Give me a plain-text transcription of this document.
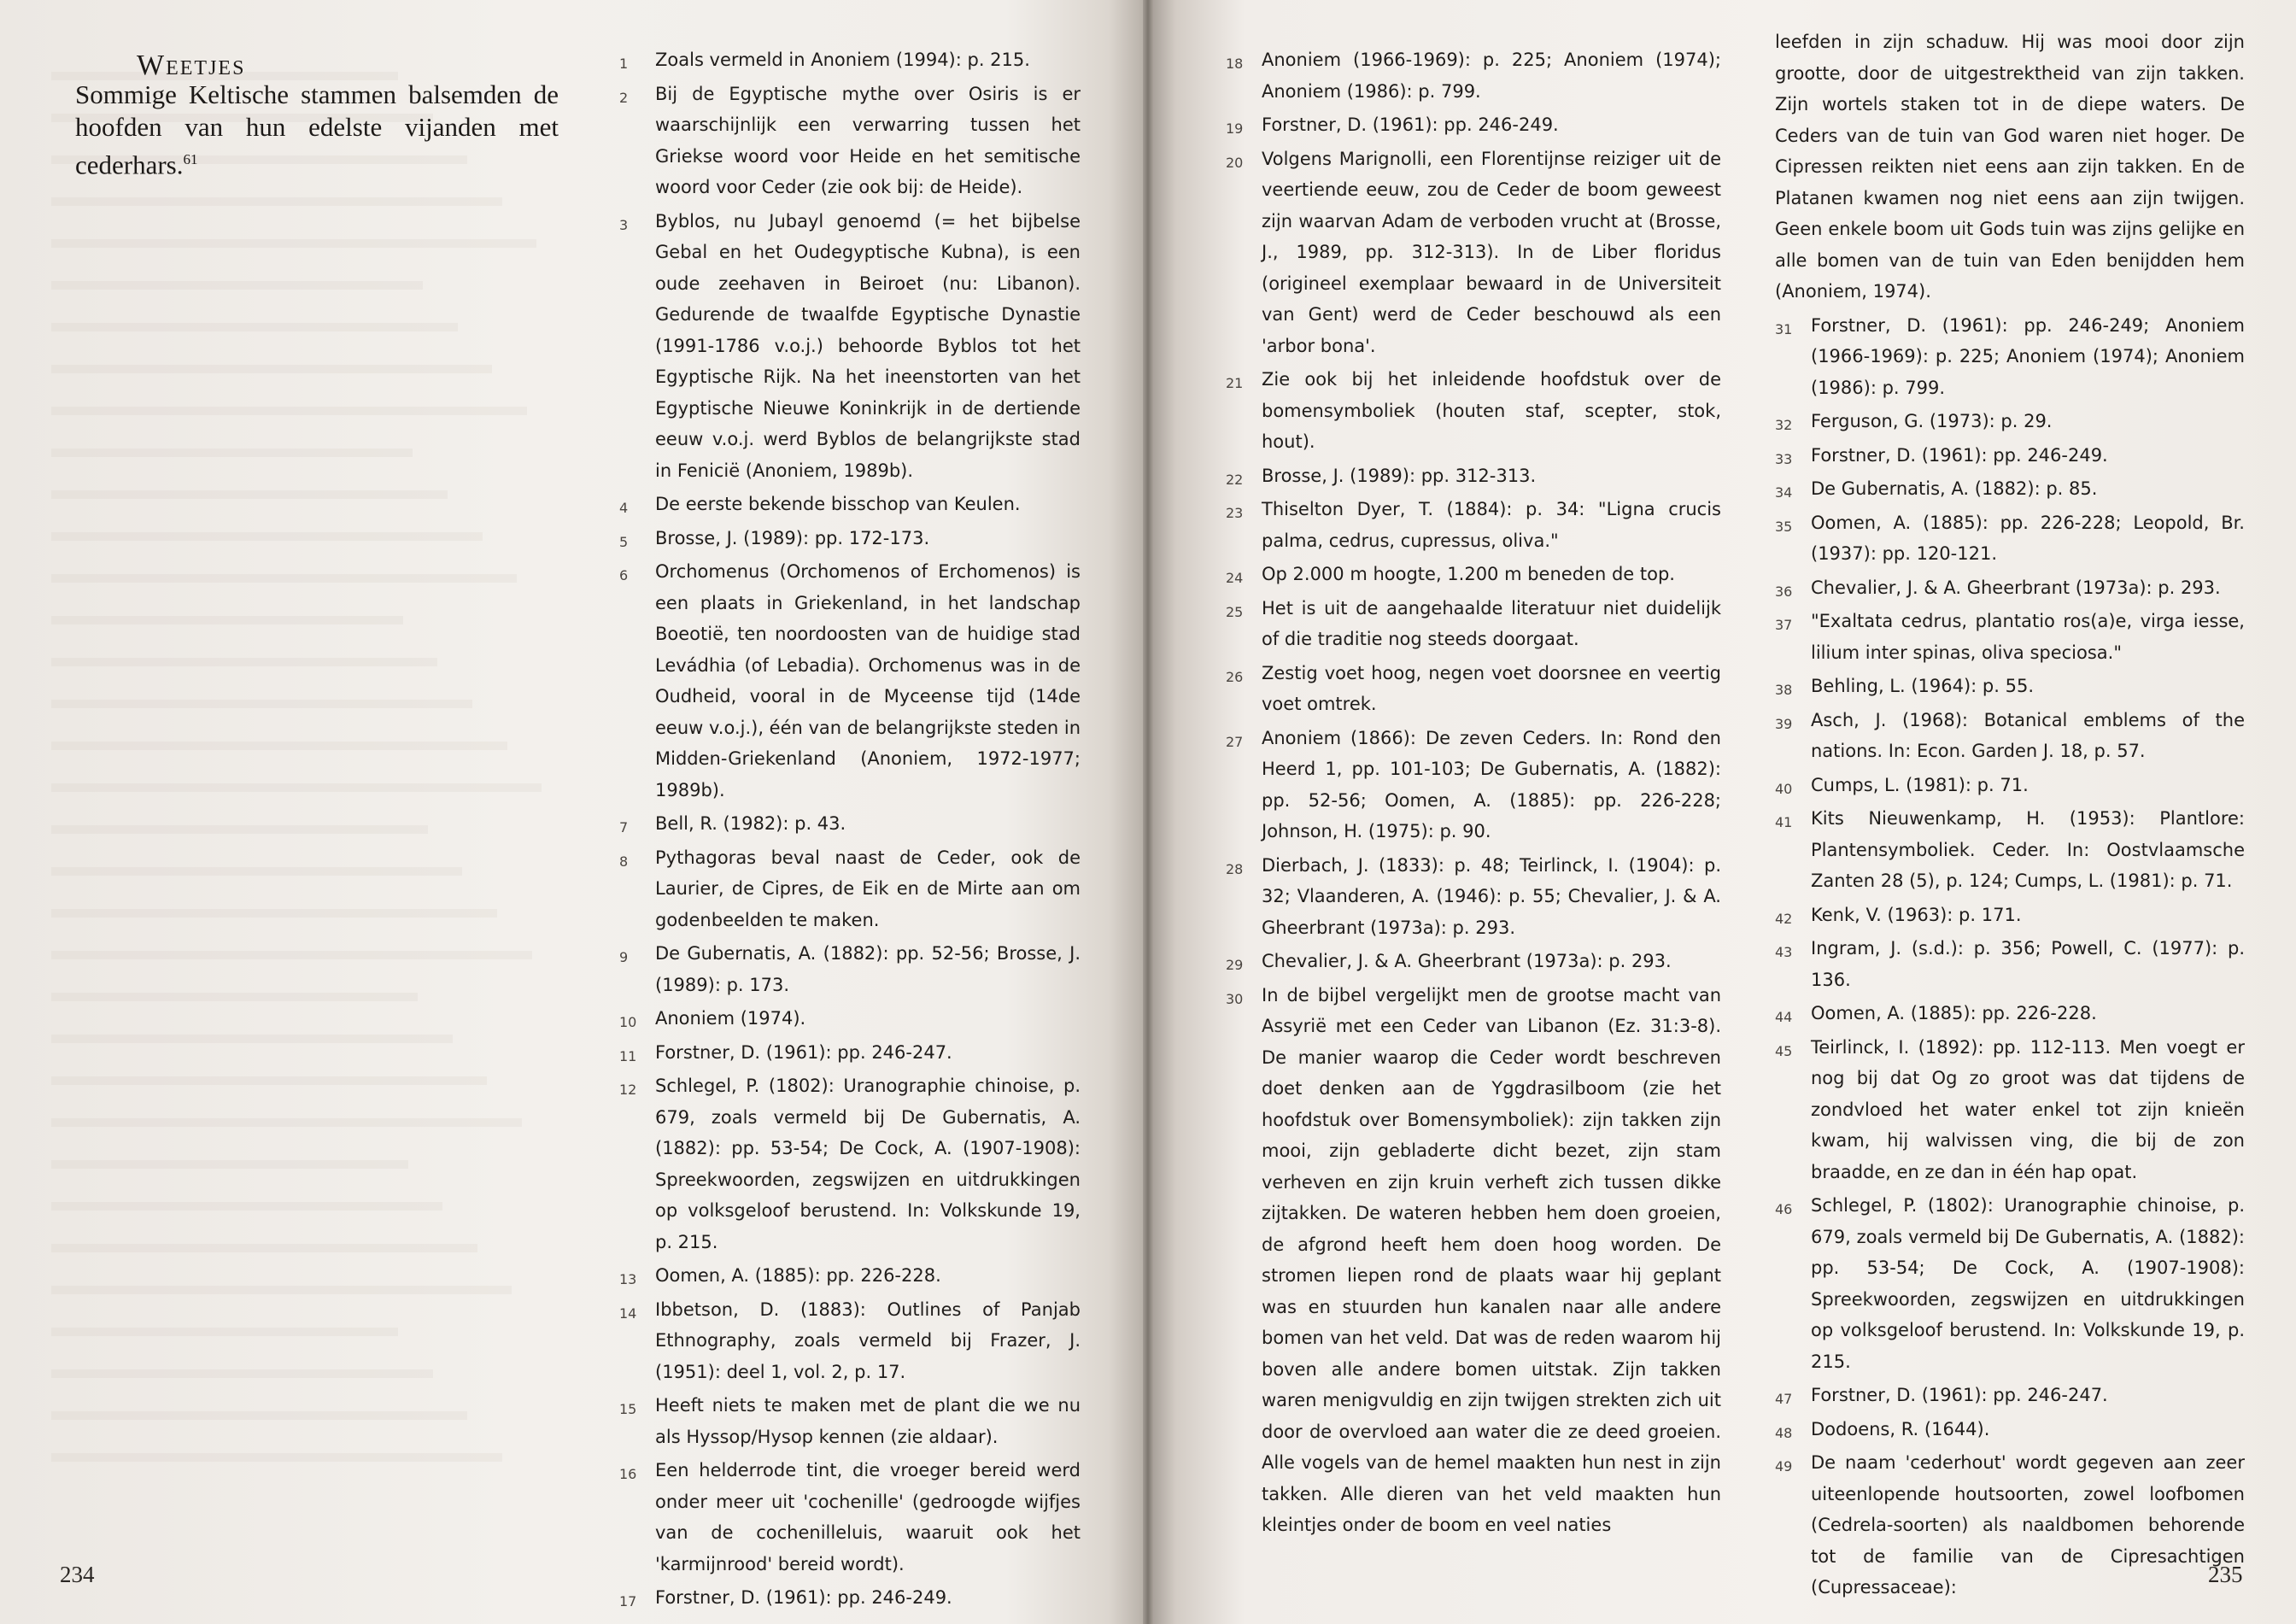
Weetjes
Sommige Keltische stammen balsemden de hoofden van hun edelste vijanden met cederhars.$^{61}$
1 Zoals vermeld in Anoniem (1994): p. 215.
2 Bij de Egyptische mythe over Osiris is er waarschijnlijk een verwarring tussen het Griekse woord voor Heide en het semitische woord voor Ceder (zie ook bij: de Heide).
3 Byblos, nu Jubayl genoemd (= het bijbelse Gebal en het Oudegyptische Kubna), is een oude zeehaven in Beiroet (nu: Libanon). Gedurende de twaalfde Egyptische Dynastie (1991-1786 v.o.j.) behoorde Byblos tot het Egyptische Rijk. Na het ineenstorten van het Egyptische Nieuwe Koninkrijk in de dertiende eeuw v.o.j. werd Byblos de belangrijkste stad in Fenicië (Anoniem, 1989b).
4 De eerste bekende bisschop van Keulen.
5 Brosse, J. (1989): pp. 172-173.
6 Orchomenus (Orchomenos of Erchomenos) is een plaats in Griekenland, in het landschap Boeotië, ten noordoosten van de huidige stad Levádhia (of Lebadia). Orchomenus was in de Oudheid, vooral in de Myceense tijd (14de eeuw v.o.j.), één van de belangrijkste steden in Midden-Griekenland (Anoniem, 1972-1977; 1989b).
7 Bell, R. (1982): p. 43.
8 Pythagoras beval naast de Ceder, ook de Laurier, de Cipres, de Eik en de Mirte aan om godenbeelden te maken.
9 De Gubernatis, A. (1882): pp. 52-56; Brosse, J. (1989): p. 173.
10 Anoniem (1974).
11 Forstner, D. (1961): pp. 246-247.
12 Schlegel, P. (1802): Uranographie chinoise, p. 679, zoals vermeld bij De Gubernatis, A. (1882): pp. 53-54; De Cock, A. (1907-1908): Spreekwoorden, zegswijzen en uitdrukkingen op volksgeloof berustend. In: Volkskunde 19, p. 215.
13 Oomen, A. (1885): pp. 226-228.
14 Ibbetson, D. (1883): Outlines of Panjab Ethnography, zoals vermeld bij Frazer, J. (1951): deel 1, vol. 2, p. 17.
15 Heeft niets te maken met de plant die we nu als Hyssop/Hysop kennen (zie aldaar).
16 Een helderrode tint, die vroeger bereid werd onder meer uit 'cochenille' (gedroogde wijfjes van de cochenilleluis, waaruit ook het 'karmijnrood' bereid wordt).
17 Forstner, D. (1961): pp. 246-249.
234
18 Anoniem (1966-1969): p. 225; Anoniem (1974); Anoniem (1986): p. 799.
19 Forstner, D. (1961): pp. 246-249.
20 Volgens Marignolli, een Florentijnse reiziger uit de veertiende eeuw, zou de Ceder de boom geweest zijn waarvan Adam de verboden vrucht at (Brosse, J., 1989, pp. 312-313). In de Liber floridus (origineel exemplaar bewaard in de Universiteit van Gent) werd de Ceder beschouwd als een 'arbor bona'.
21 Zie ook bij het inleidende hoofdstuk over de bomensymboliek (houten staf, scepter, stok, hout).
22 Brosse, J. (1989): pp. 312-313.
23 Thiselton Dyer, T. (1884): p. 34: "Ligna crucis palma, cedrus, cupressus, oliva."
24 Op 2.000 m hoogte, 1.200 m beneden de top.
25 Het is uit de aangehaalde literatuur niet duidelijk of die traditie nog steeds doorgaat.
26 Zestig voet hoog, negen voet doorsnee en veertig voet omtrek.
27 Anoniem (1866): De zeven Ceders. In: Rond den Heerd 1, pp. 101-103; De Gubernatis, A. (1882): pp. 52-56; Oomen, A. (1885): pp. 226-228; Johnson, H. (1975): p. 90.
28 Dierbach, J. (1833): p. 48; Teirlinck, I. (1904): p. 32; Vlaanderen, A. (1946): p. 55; Chevalier, J. & A. Gheerbrant (1973a): p. 293.
29 Chevalier, J. & A. Gheerbrant (1973a): p. 293.
30 In de bijbel vergelijkt men de grootse macht van Assyrië met een Ceder van Libanon (Ez. 31:3-8). De manier waarop die Ceder wordt beschreven doet denken aan de Yggdrasilboom (zie het hoofdstuk over Bomensymboliek): zijn takken zijn mooi, zijn gebladerte dicht bezet, zijn stam verheven en zijn kruin verheft zich tussen dikke zijtakken. De wateren hebben hem doen groeien, de afgrond heeft hem doen hoog worden. De stromen liepen rond de plaats waar hij geplant was en stuurden hun kanalen naar alle andere bomen van het veld. Dat was de reden waarom hij boven alle andere bomen uitstak. Zijn takken waren menigvuldig en zijn twijgen strekten zich uit door de overvloed aan water die ze deed groeien. Alle vogels van de hemel maakten hun nest in zijn takken. Alle dieren van het veld maakten hun kleintjes onder de boom en veel naties
leefden in zijn schaduw. Hij was mooi door zijn grootte, door de uitgestrektheid van zijn takken. Zijn wortels staken tot in de diepe waters. De Ceders van de tuin van God waren niet hoger. De Cipressen reikten niet eens aan zijn takken. En de Platanen kwamen nog niet eens aan zijn twijgen. Geen enkele boom uit Gods tuin was zijns gelijke en alle bomen van de tuin van Eden benijdden hem (Anoniem, 1974).
31 Forstner, D. (1961): pp. 246-249; Anoniem (1966-1969): p. 225; Anoniem (1974); Anoniem (1986): p. 799.
32 Ferguson, G. (1973): p. 29.
33 Forstner, D. (1961): pp. 246-249.
34 De Gubernatis, A. (1882): p. 85.
35 Oomen, A. (1885): pp. 226-228; Leopold, Br. (1937): pp. 120-121.
36 Chevalier, J. & A. Gheerbrant (1973a): p. 293.
37 "Exaltata cedrus, plantatio ros(a)e, virga iesse, lilium inter spinas, oliva speciosa."
38 Behling, L. (1964): p. 55.
39 Asch, J. (1968): Botanical emblems of the nations. In: Econ. Garden J. 18, p. 57.
40 Cumps, L. (1981): p. 71.
41 Kits Nieuwenkamp, H. (1953): Plantlore: Plantensymboliek. Ceder. In: Oostvlaamsche Zanten 28 (5), p. 124; Cumps, L. (1981): p. 71.
42 Kenk, V. (1963): p. 171.
43 Ingram, J. (s.d.): p. 356; Powell, C. (1977): p. 136.
44 Oomen, A. (1885): pp. 226-228.
45 Teirlinck, I. (1892): pp. 112-113. Men voegt er nog bij dat Og zo groot was dat tijdens de zondvloed het water enkel tot zijn knieën kwam, hij walvissen ving, die bij de zon braadde, en ze dan in één hap opat.
46 Schlegel, P. (1802): Uranographie chinoise, p. 679, zoals vermeld bij De Gubernatis, A. (1882): pp. 53-54; De Cock, A. (1907-1908): Spreekwoorden, zegswijzen en uitdrukkingen op volksgeloof berustend. In: Volkskunde 19, p. 215.
47 Forstner, D. (1961): pp. 246-247.
48 Dodoens, R. (1644).
49 De naam 'cederhout' wordt gegeven aan zeer uiteenlopende houtsoorten, zowel loofbomen (Cedrela-soorten) als naaldbomen behorende tot de familie van de Cipresachtigen (Cupressaceae):	235
